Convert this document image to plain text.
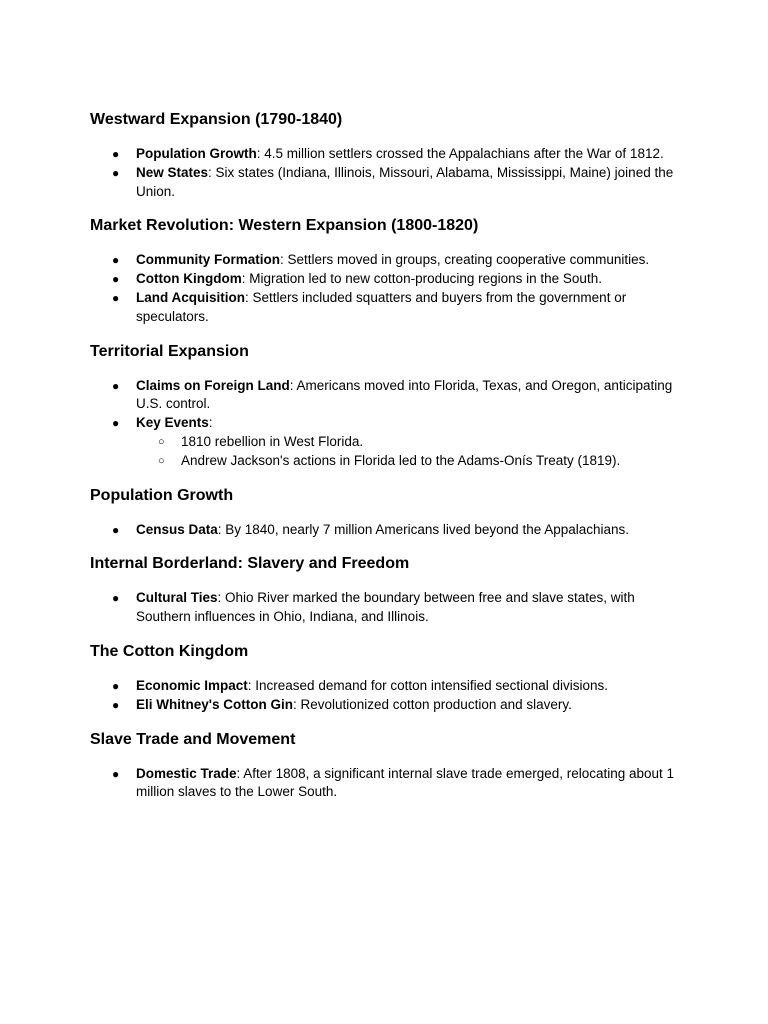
Westward Expansion (1790-1840)
● Population Growth: 4.5 million settlers crossed the Appalachians after the War of 1812.
● New States: Six states (Indiana, Illinois, Missouri, Alabama, Mississippi, Maine) joined the Union.
Market Revolution: Western Expansion (1800-1820)
● Community Formation: Settlers moved in groups, creating cooperative communities.
● Cotton Kingdom: Migration led to new cotton-producing regions in the South.
● Land Acquisition: Settlers included squatters and buyers from the government or speculators.
Territorial Expansion
● Claims on Foreign Land: Americans moved into Florida, Texas, and Oregon, anticipating U.S. control.
● Key Events:
○ 1810 rebellion in West Florida.
○ Andrew Jackson's actions in Florida led to the Adams-Onís Treaty (1819).
Population Growth
● Census Data: By 1840, nearly 7 million Americans lived beyond the Appalachians.
Internal Borderland: Slavery and Freedom
● Cultural Ties: Ohio River marked the boundary between free and slave states, with Southern influences in Ohio, Indiana, and Illinois.
The Cotton Kingdom
● Economic Impact: Increased demand for cotton intensified sectional divisions.
● Eli Whitney's Cotton Gin: Revolutionized cotton production and slavery.
Slave Trade and Movement
● Domestic Trade: After 1808, a significant internal slave trade emerged, relocating about 1 million slaves to the Lower South.
